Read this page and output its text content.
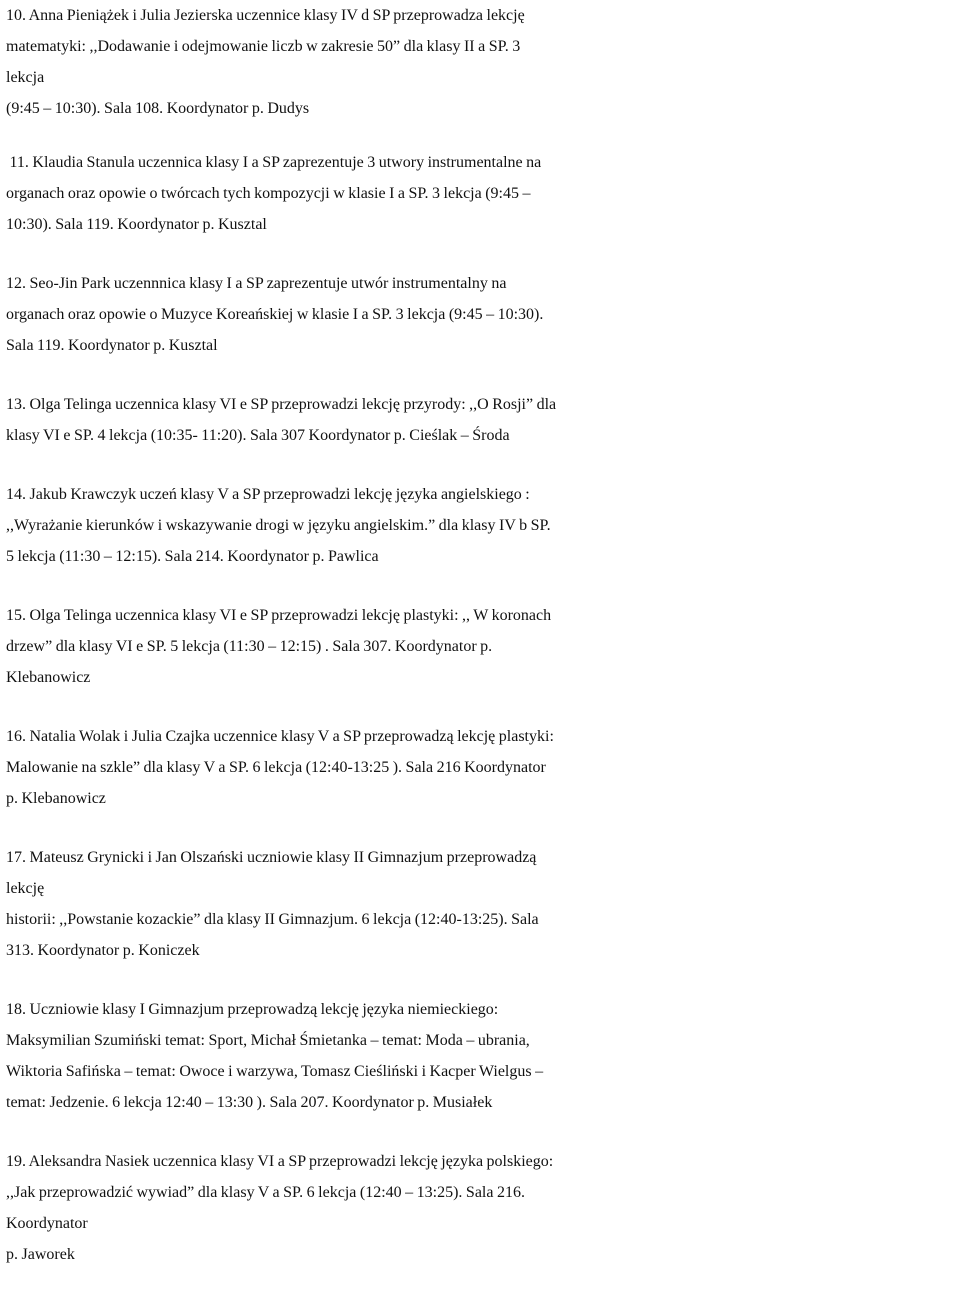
10. Anna Pieniążek i Julia Jezierska uczennice klasy IV d SP przeprowadza lekcję
matematyki: ,,Dodawanie i odejmowanie liczb w zakresie 50” dla klasy II a SP. 3
lekcja
(9:45 – 10:30). Sala 108. Koordynator p. Dudys
11. Klaudia Stanula uczennica klasy I a SP zaprezentuje 3 utwory instrumentalne na
organach oraz opowie o twórcach tych kompozycji w klasie I a SP. 3 lekcja (9:45 –
10:30). Sala 119. Koordynator p. Kusztal
12. Seo-Jin Park uczennnica klasy I a SP zaprezentuje utwór instrumentalny na
organach oraz opowie o Muzyce Koreańskiej w klasie I a SP. 3 lekcja (9:45 – 10:30).
Sala 119. Koordynator p. Kusztal
13. Olga Telinga uczennica klasy VI e SP przeprowadzi lekcję przyrody: ,,O Rosji” dla
klasy VI e SP. 4 lekcja (10:35- 11:20). Sala 307 Koordynator p. Cieślak – Środa
14. Jakub Krawczyk uczeń klasy V a SP przeprowadzi lekcję języka angielskiego :
,,Wyrażanie kierunków i wskazywanie drogi w języku angielskim.” dla klasy IV b SP.
5 lekcja (11:30 – 12:15). Sala 214. Koordynator p. Pawlica
15. Olga Telinga uczennica klasy VI e SP przeprowadzi lekcję plastyki: ,, W koronach
drzew” dla klasy VI e SP. 5 lekcja (11:30 – 12:15) . Sala 307. Koordynator p.
Klebanowicz
16. Natalia Wolak i Julia Czajka uczennice klasy V a SP przeprowadzą lekcję plastyki:
Malowanie na szkle” dla klasy V a SP. 6 lekcja (12:40-13:25 ). Sala 216 Koordynator
p. Klebanowicz
17. Mateusz Grynicki i Jan Olszański uczniowie klasy II Gimnazjum przeprowadzą
lekcję
historii: ,,Powstanie kozackie” dla klasy II Gimnazjum. 6 lekcja (12:40-13:25). Sala
313. Koordynator p. Koniczek
18. Uczniowie klasy I Gimnazjum przeprowadzą lekcję języka niemieckiego:
Maksymilian Szumiński temat: Sport, Michał Śmietanka – temat: Moda – ubrania,
Wiktoria Safińska – temat: Owoce i warzywa, Tomasz Cieśliński i Kacper Wielgus –
temat: Jedzenie. 6 lekcja 12:40 – 13:30 ). Sala 207. Koordynator p. Musiałek
19. Aleksandra Nasiek uczennica klasy VI a SP przeprowadzi lekcję języka polskiego:
,,Jak przeprowadzić wywiad” dla klasy V a SP. 6 lekcja (12:40 – 13:25). Sala 216.
Koordynator
p. Jaworek
